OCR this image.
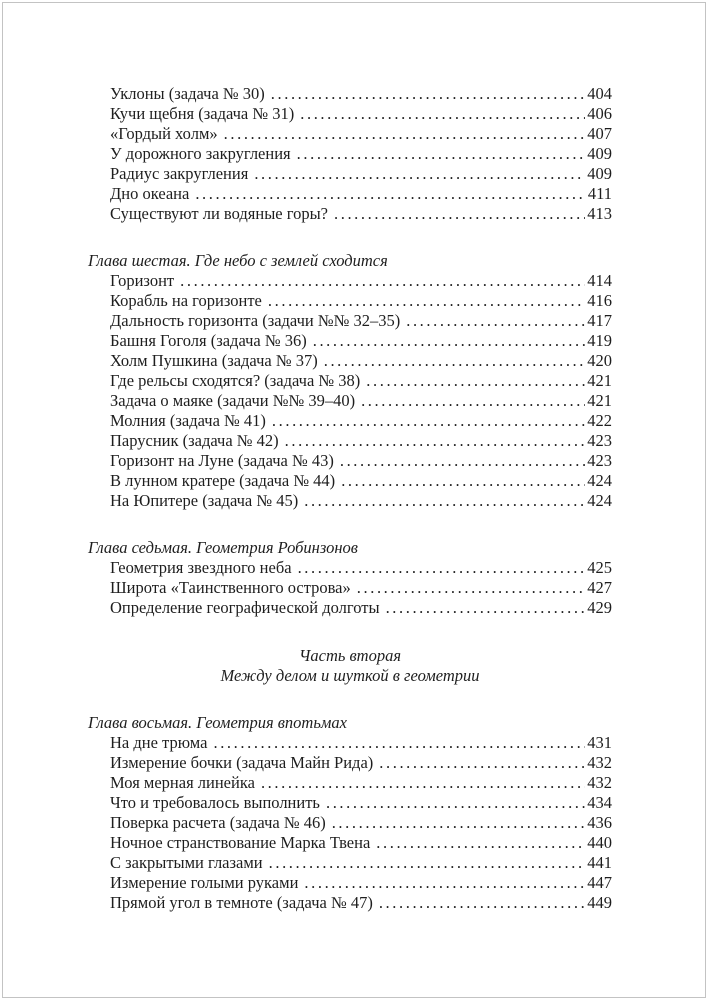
Уклоны (задача № 30) .....	404
Кучи щебня (задача № 31) .....	406
«Гордый холм» .....	407
У дорожного закругления .....	409
Радиус закругления .....	409
Дно океана .....	411
Существуют ли водяные горы? .....	413
Глава шестая. Где небо с землей сходится
Горизонт .....	414
Корабль на горизонте .....	416
Дальность горизонта (задачи №№ 32–35) .....	417
Башня Гоголя (задача № 36) .....	419
Холм Пушкина (задача № 37) .....	420
Где рельсы сходятся? (задача № 38) .....	421
Задача о маяке (задачи №№ 39–40) .....	421
Молния (задача № 41) .....	422
Парусник (задача № 42) .....	423
Горизонт на Луне (задача № 43) .....	423
В лунном кратере (задача № 44) .....	424
На Юпитере (задача № 45) .....	424
Глава седьмая. Геометрия Робинзонов
Геометрия звездного неба .....	425
Широта «Таинственного острова» .....	427
Определение географической долготы .....	429
Часть вторая
Между делом и шуткой в геометрии
Глава восьмая. Геометрия впотьмах
На дне трюма .....	431
Измерение бочки (задача Майн Рида) .....	432
Моя мерная линейка .....	432
Что и требовалось выполнить .....	434
Поверка расчета (задача № 46) .....	436
Ночное странствование Марка Твена .....	440
С закрытыми глазами .....	441
Измерение голыми руками .....	447
Прямой угол в темноте (задача № 47) .....	449
